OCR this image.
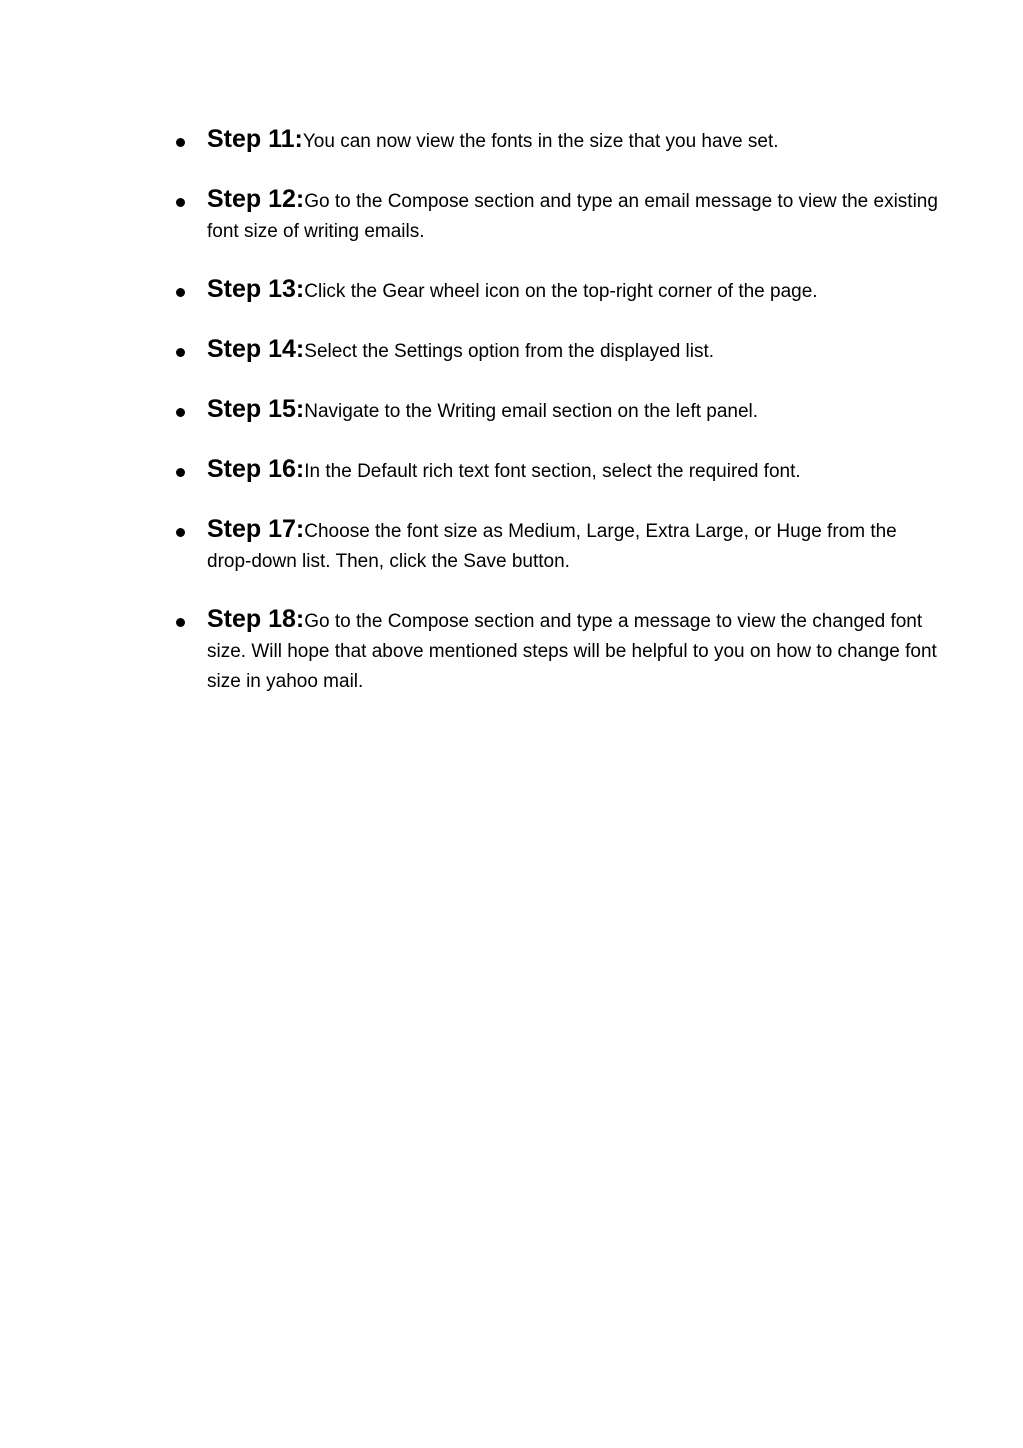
Step 11:You can now view the fonts in the size that you have set.
Step 12:Go to the Compose section and type an email message to view the existing font size of writing emails.
Step 13:Click the Gear wheel icon on the top-right corner of the page.
Step 14:Select the Settings option from the displayed list.
Step 15:Navigate to the Writing email section on the left panel.
Step 16:In the Default rich text font section, select the required font.
Step 17:Choose the font size as Medium, Large, Extra Large, or Huge from the drop-down list. Then, click the Save button.
Step 18:Go to the Compose section and type a message to view the changed font size. Will hope that above mentioned steps will be helpful to you on how to change font size in yahoo mail.
